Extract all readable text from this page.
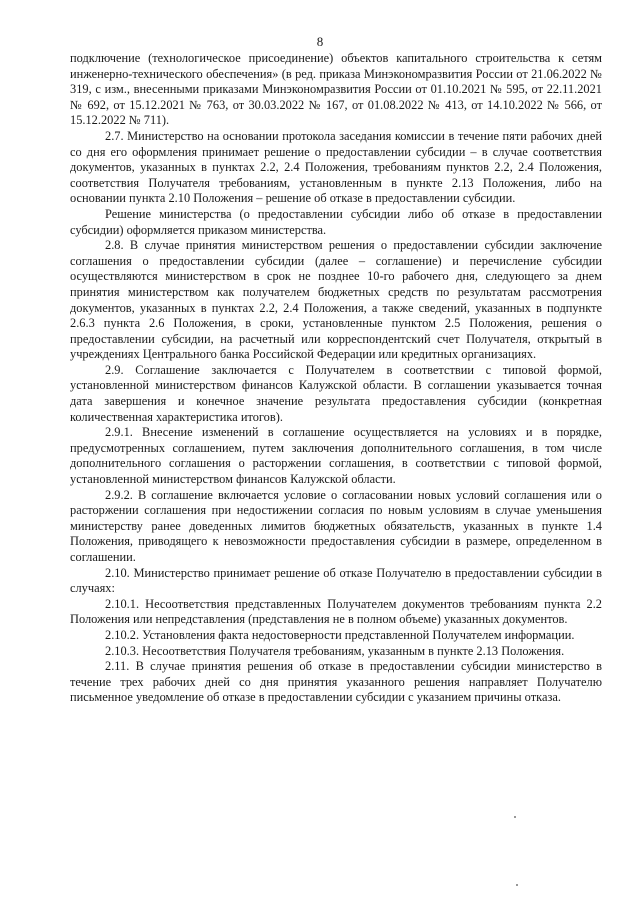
8

подключение (технологическое присоединение) объектов капитального строительства к сетям инженерно-технического обеспечения» (в ред. приказа Минэкономразвития России от 21.06.2022 № 319, с изм., внесенными приказами Минэкономразвития России от 01.10.2021 № 595, от 22.11.2021 № 692, от 15.12.2021 № 763, от 30.03.2022 № 167, от 01.08.2022 № 413, от 14.10.2022 № 566, от 15.12.2022 № 711).

2.7. Министерство на основании протокола заседания комиссии в течение пяти рабочих дней со дня его оформления принимает решение о предоставлении субсидии – в случае соответствия документов, указанных в пунктах 2.2, 2.4 Положения, требованиям пунктов 2.2, 2.4 Положения, соответствия Получателя требованиям, установленным в пункте 2.13 Положения, либо на основании пункта 2.10 Положения – решение об отказе в предоставлении субсидии.

Решение министерства (о предоставлении субсидии либо об отказе в предоставлении субсидии) оформляется приказом министерства.

2.8. В случае принятия министерством решения о предоставлении субсидии заключение соглашения о предоставлении субсидии (далее – соглашение) и перечисление субсидии осуществляются министерством в срок не позднее 10-го рабочего дня, следующего за днем принятия министерством как получателем бюджетных средств по результатам рассмотрения документов, указанных в пунктах 2.2, 2.4 Положения, а также сведений, указанных в подпункте 2.6.3 пункта 2.6 Положения, в сроки, установленные пунктом 2.5 Положения, решения о предоставлении субсидии, на расчетный или корреспондентский счет Получателя, открытый в учреждениях Центрального банка Российской Федерации или кредитных организациях.

2.9. Соглашение заключается с Получателем в соответствии с типовой формой, установленной министерством финансов Калужской области. В соглашении указывается точная дата завершения и конечное значение результата предоставления субсидии (конкретная количественная характеристика итогов).

2.9.1. Внесение изменений в соглашение осуществляется на условиях и в порядке, предусмотренных соглашением, путем заключения дополнительного соглашения, в том числе дополнительного соглашения о расторжении соглашения, в соответствии с типовой формой, установленной министерством финансов Калужской области.

2.9.2. В соглашение включается условие о согласовании новых условий соглашения или о расторжении соглашения при недостижении согласия по новым условиям в случае уменьшения министерству ранее доведенных лимитов бюджетных обязательств, указанных в пункте 1.4 Положения, приводящего к невозможности предоставления субсидии в размере, определенном в соглашении.

2.10. Министерство принимает решение об отказе Получателю в предоставлении субсидии в случаях:

2.10.1. Несоответствия представленных Получателем документов требованиям пункта 2.2 Положения или непредставления (представления не в полном объеме) указанных документов.

2.10.2. Установления факта недостоверности представленной Получателем информации.

2.10.3. Несоответствия Получателя требованиям, указанным в пункте 2.13 Положения.

2.11. В случае принятия решения об отказе в предоставлении субсидии министерство в течение трех рабочих дней со дня принятия указанного решения направляет Получателю письменное уведомление об отказе в предоставлении субсидии с указанием причины отказа.
